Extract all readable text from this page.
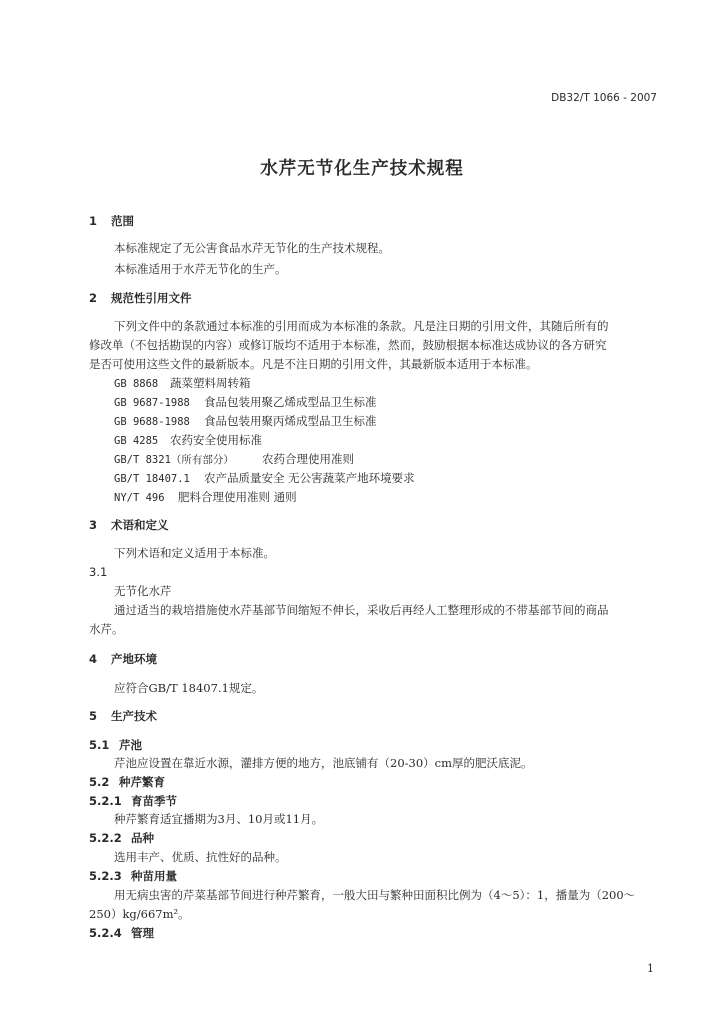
DB32/T 1066 - 2007
水芹无节化生产技术规程
1 范围
本标准规定了无公害食品水芹无节化的生产技术规程。
本标准适用于水芹无节化的生产。
2 规范性引用文件
下列文件中的条款通过本标准的引用而成为本标准的条款。凡是注日期的引用文件，其随后所有的
修改单（不包括勘误的内容）或修订版均不适用于本标准，然而，鼓励根据本标准达成协议的各方研究
是否可使用这些文件的最新版本。凡是不注日期的引用文件，其最新版本适用于本标准。
GB 8868 蔬菜塑料周转箱
GB 9687-1988 食品包装用聚乙烯成型品卫生标准
GB 9688-1988 食品包装用聚丙烯成型品卫生标准
GB 4285 农药安全使用标准
GB/T 8321（所有部分） 农药合理使用准则
GB/T 18407.1 农产品质量安全 无公害蔬菜产地环境要求
NY/T 496 肥料合理使用准则 通则
3 术语和定义
下列术语和定义适用于本标准。
3.1
无节化水芹
通过适当的栽培措施使水芹基部节间缩短不伸长，采收后再经人工整理形成的不带基部节间的商品
水芹。
4 产地环境
应符合GB/T 18407.1规定。
5 生产技术
5.1 芹池
芹池应设置在靠近水源，灌排方便的地方，池底铺有（20-30）cm厚的肥沃底泥。
5.2 种芹繁育
5.2.1 育苗季节
种芹繁育适宜播期为3月、10月或11月。
5.2.2 品种
选用丰产、优质、抗性好的品种。
5.2.3 种苗用量
用无病虫害的芹菜基部节间进行种芹繁育，一般大田与繁种田面积比例为（4～5）：1，播量为（200～
250）kg/667m²。
5.2.4 管理
1
